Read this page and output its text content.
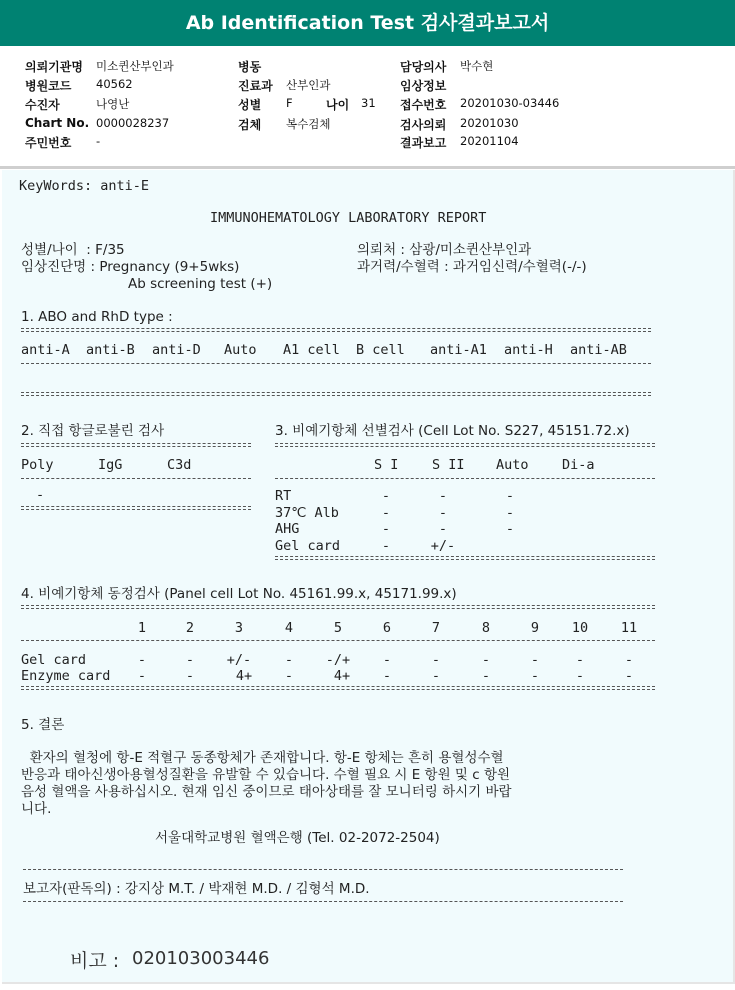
Ab Identification Test 검사결과보고서
의뢰기관명 미소퀸산부인과
병원코드 40562
수진자	나영난
Chart No. 0000028237
주민번호 -
병동
진료과 산부인과
성별 F	나이 31
검체 복수검체
담당의사 박수현
임상정보
접수번호 20201030-03446
검사의뢰 20201030
결과보고 20201104
KeyWords: anti-E
IMMUNOHEMATOLOGY LABORATORY REPORT
성별/나이  : F/35
임상진단명 : Pregnancy (9+5wks)
Ab screening test (+)
의뢰처 : 삼광/미소퀸산부인과
과거력/수혈력 : 과거임신력/수혈력(-/-)
1. ABO and RhD type :
anti-A anti-B anti-D Auto A1 cell B cell anti-A1 anti-H anti-AB
2. 직접 항글로불린 검사
Poly	IgG	C3d
-
3. 비예기항체 선별검사 (Cell Lot No. S227, 45151.72.x)
S I S II Auto Di-a
RT	-	-	-
37℃ Alb	-	-	-
AHG	-	-	-
Gel card	-	+/-
4. 비예기항체 동정검사 (Panel cell Lot No. 45161.99.x, 45171.99.x)
1	2	3	4	5	6	7	8	9	10	11
Gel card	-	-	+/-	-	-/+	-	-	-	-	-	-
Enzyme card	-	-	4+	-	4+	-	-	-	-	-	-
5. 결론
환자의 혈청에 항-E 적혈구 동종항체가 존재합니다. 항-E 항체는 흔히 용혈성수혈
반응과 태아신생아용혈성질환을 유발할 수 있습니다. 수혈 필요 시 E 항원 및 c 항원
음성 혈액을 사용하십시오. 현재 임신 중이므로 태아상태를 잘 모니터링 하시기 바랍
니다.
서울대학교병원 혈액은행 (Tel. 02-2072-2504)
보고자(판독의) : 강지상 M.T. / 박재현 M.D. / 김형석 M.D.
비고 : 020103003446
